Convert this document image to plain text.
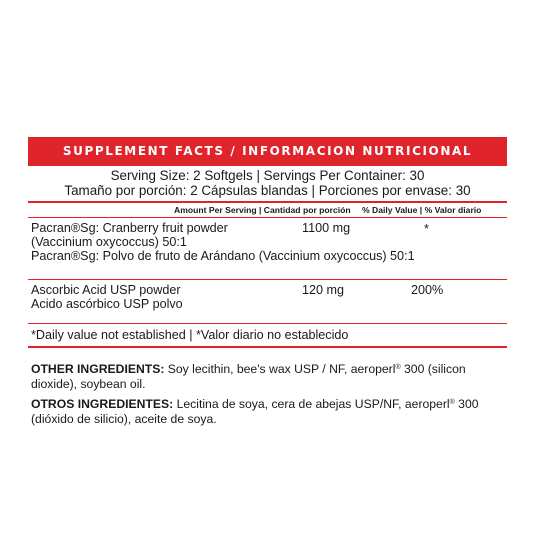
SUPPLEMENT FACTS / INFORMACION NUTRICIONAL
Serving Size: 2 Softgels | Servings Per Container: 30
Tamaño por porción: 2 Cápsulas blandas | Porciones por envase: 30
Amount Per Serving | Cantidad por porción % Daily Value | % Valor diario
Pacran®Sg: Cranberry fruit powder
(Vaccinium oxycoccus) 50:1
Pacran®Sg: Polvo de fruto de Arándano (Vaccinium oxycoccus) 50:1
1100 mg	*
Ascorbic Acid USP powder
Acido ascórbico USP polvo
120 mg	200%
*Daily value not established | *Valor diario no establecido
OTHER INGREDIENTS: Soy lecithin, bee's wax USP / NF, aeroperl® 300 (silicon dioxide), soybean oil.
OTROS INGREDIENTES: Lecitina de soya, cera de abejas USP/NF, aeroperl® 300 (dióxido de silicio), aceite de soya.
